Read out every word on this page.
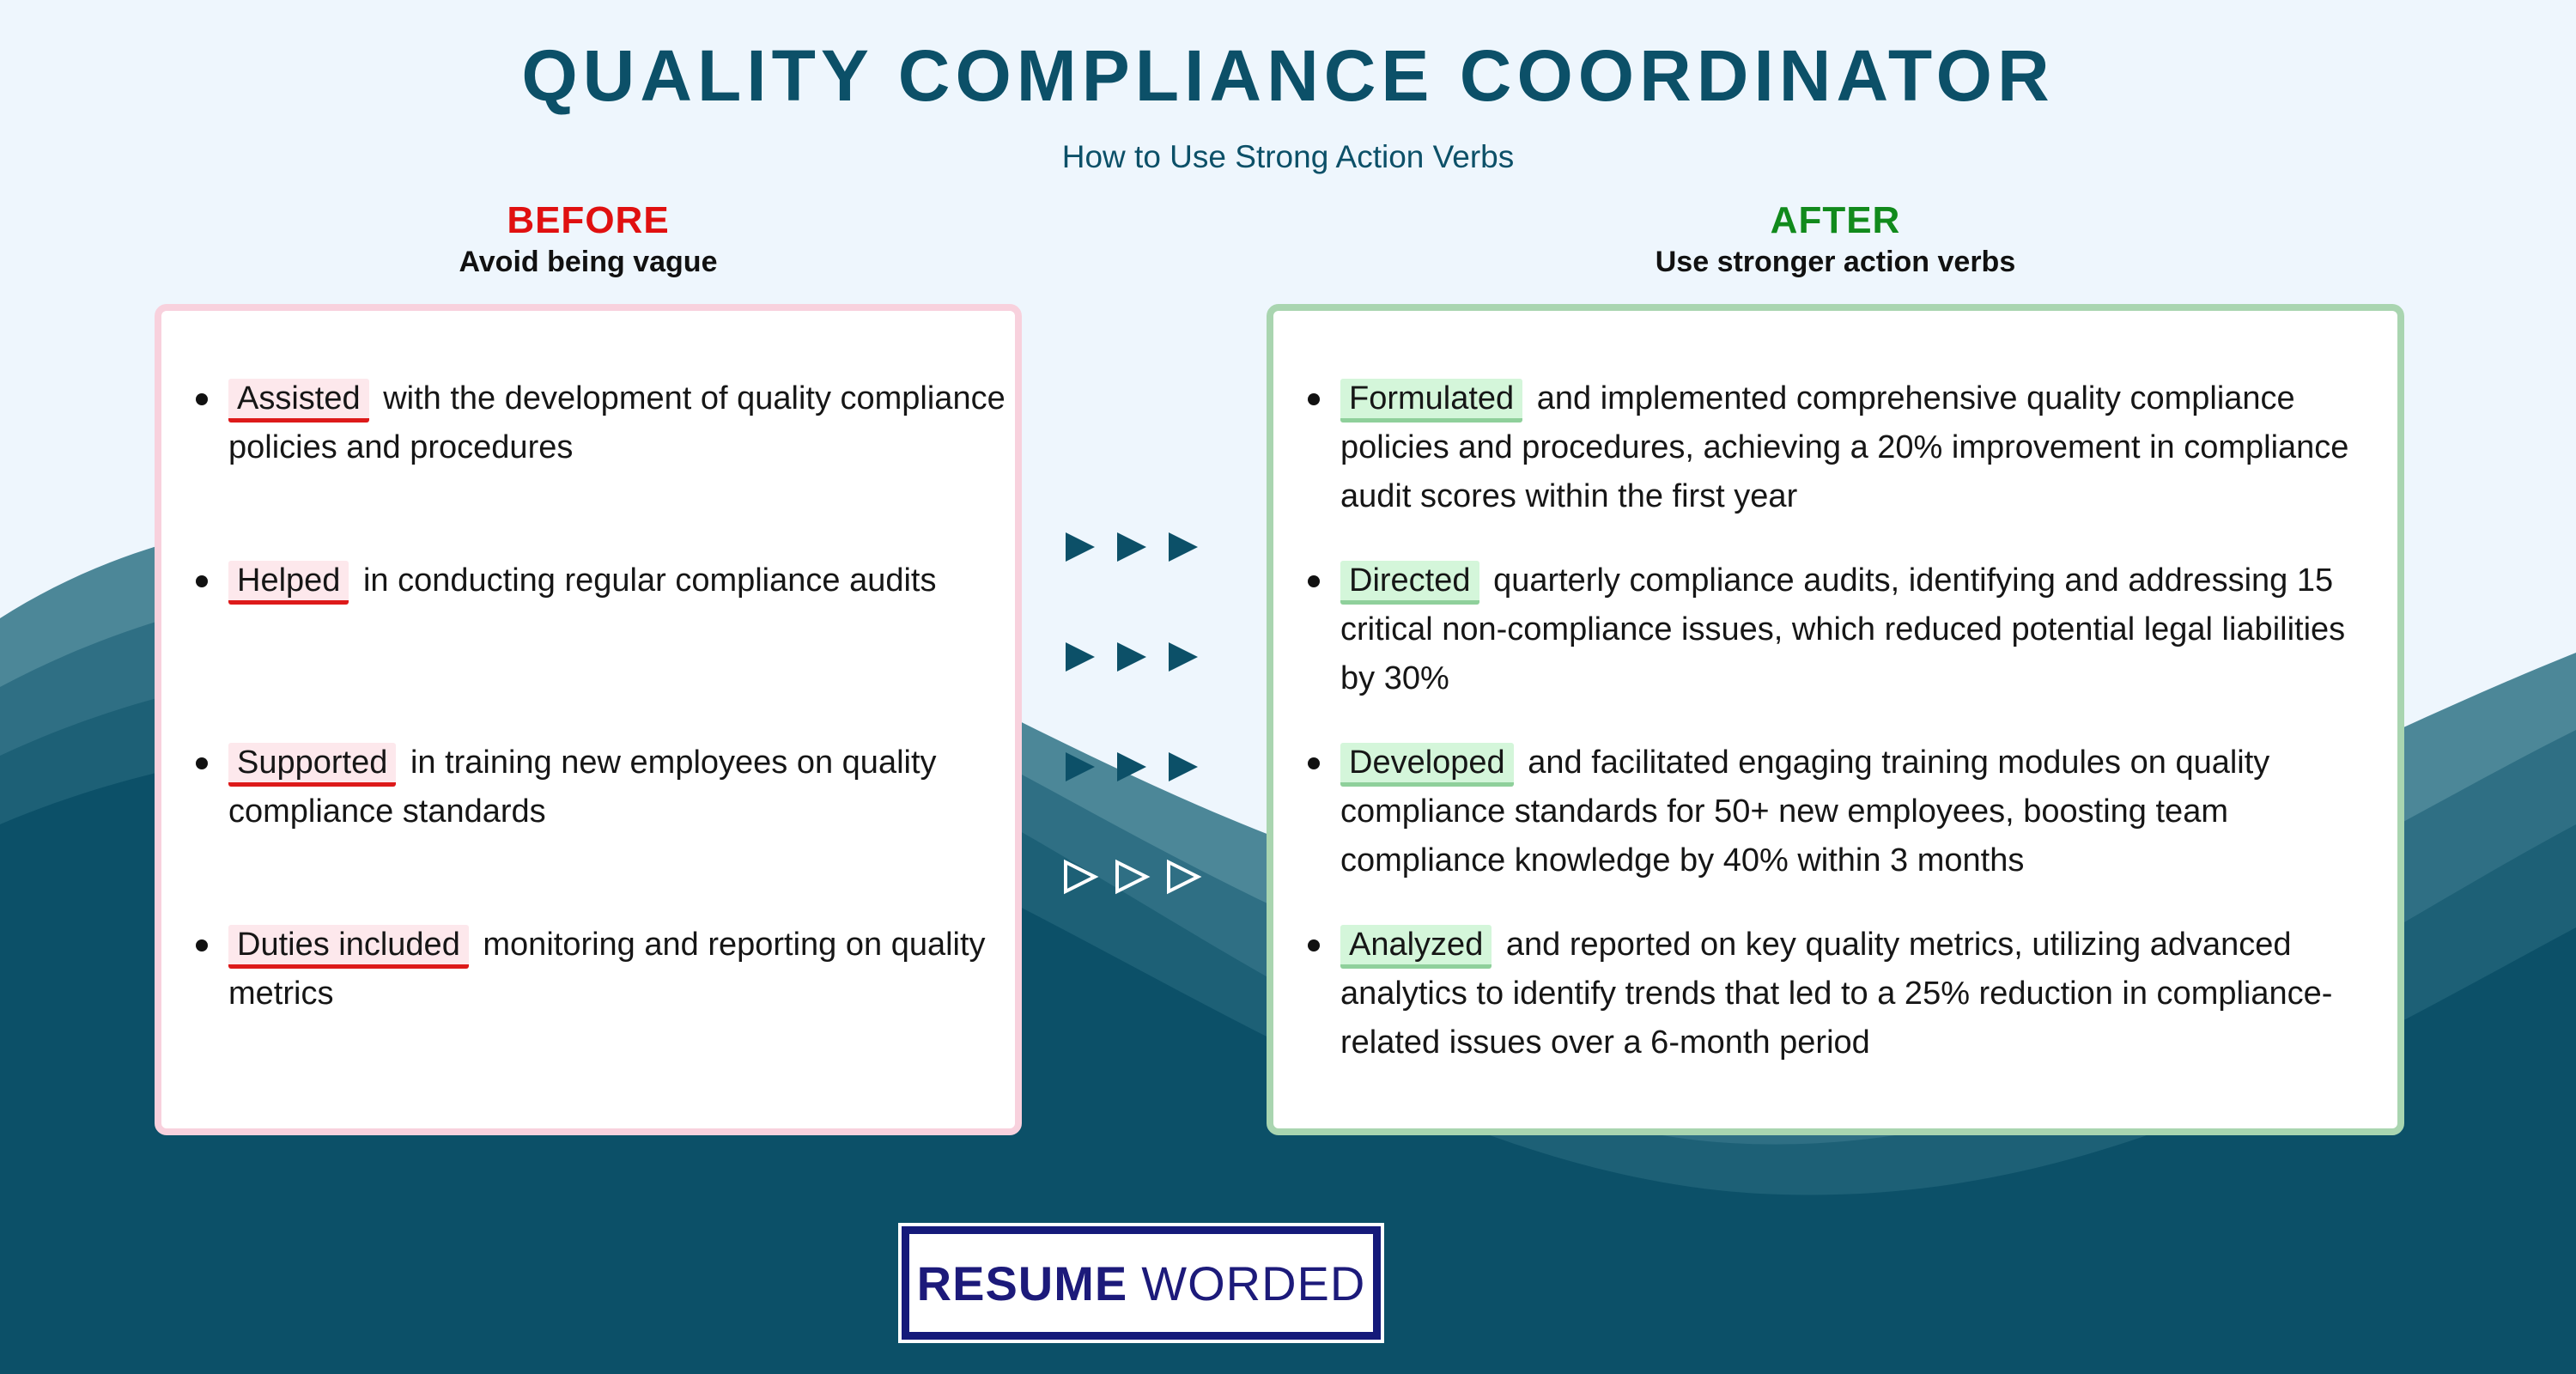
QUALITY COMPLIANCE COORDINATOR
How to Use Strong Action Verbs
BEFORE
Avoid being vague
AFTER
Use stronger action verbs
Assisted with the development of quality compliance policies and procedures
Helped in conducting regular compliance audits
Supported in training new employees on quality compliance standards
Duties included monitoring and reporting on quality metrics
Formulated and implemented comprehensive quality compliance policies and procedures, achieving a 20% improvement in compliance audit scores within the first year
Directed quarterly compliance audits, identifying and addressing 15 critical non-compliance issues, which reduced potential legal liabilities by 30%
Developed and facilitated engaging training modules on quality compliance standards for 50+ new employees, boosting team compliance knowledge by 40% within 3 months
Analyzed and reported on key quality metrics, utilizing advanced analytics to identify trends that led to a 25% reduction in compliance-related issues over a 6-month period
RESUME WORDED
